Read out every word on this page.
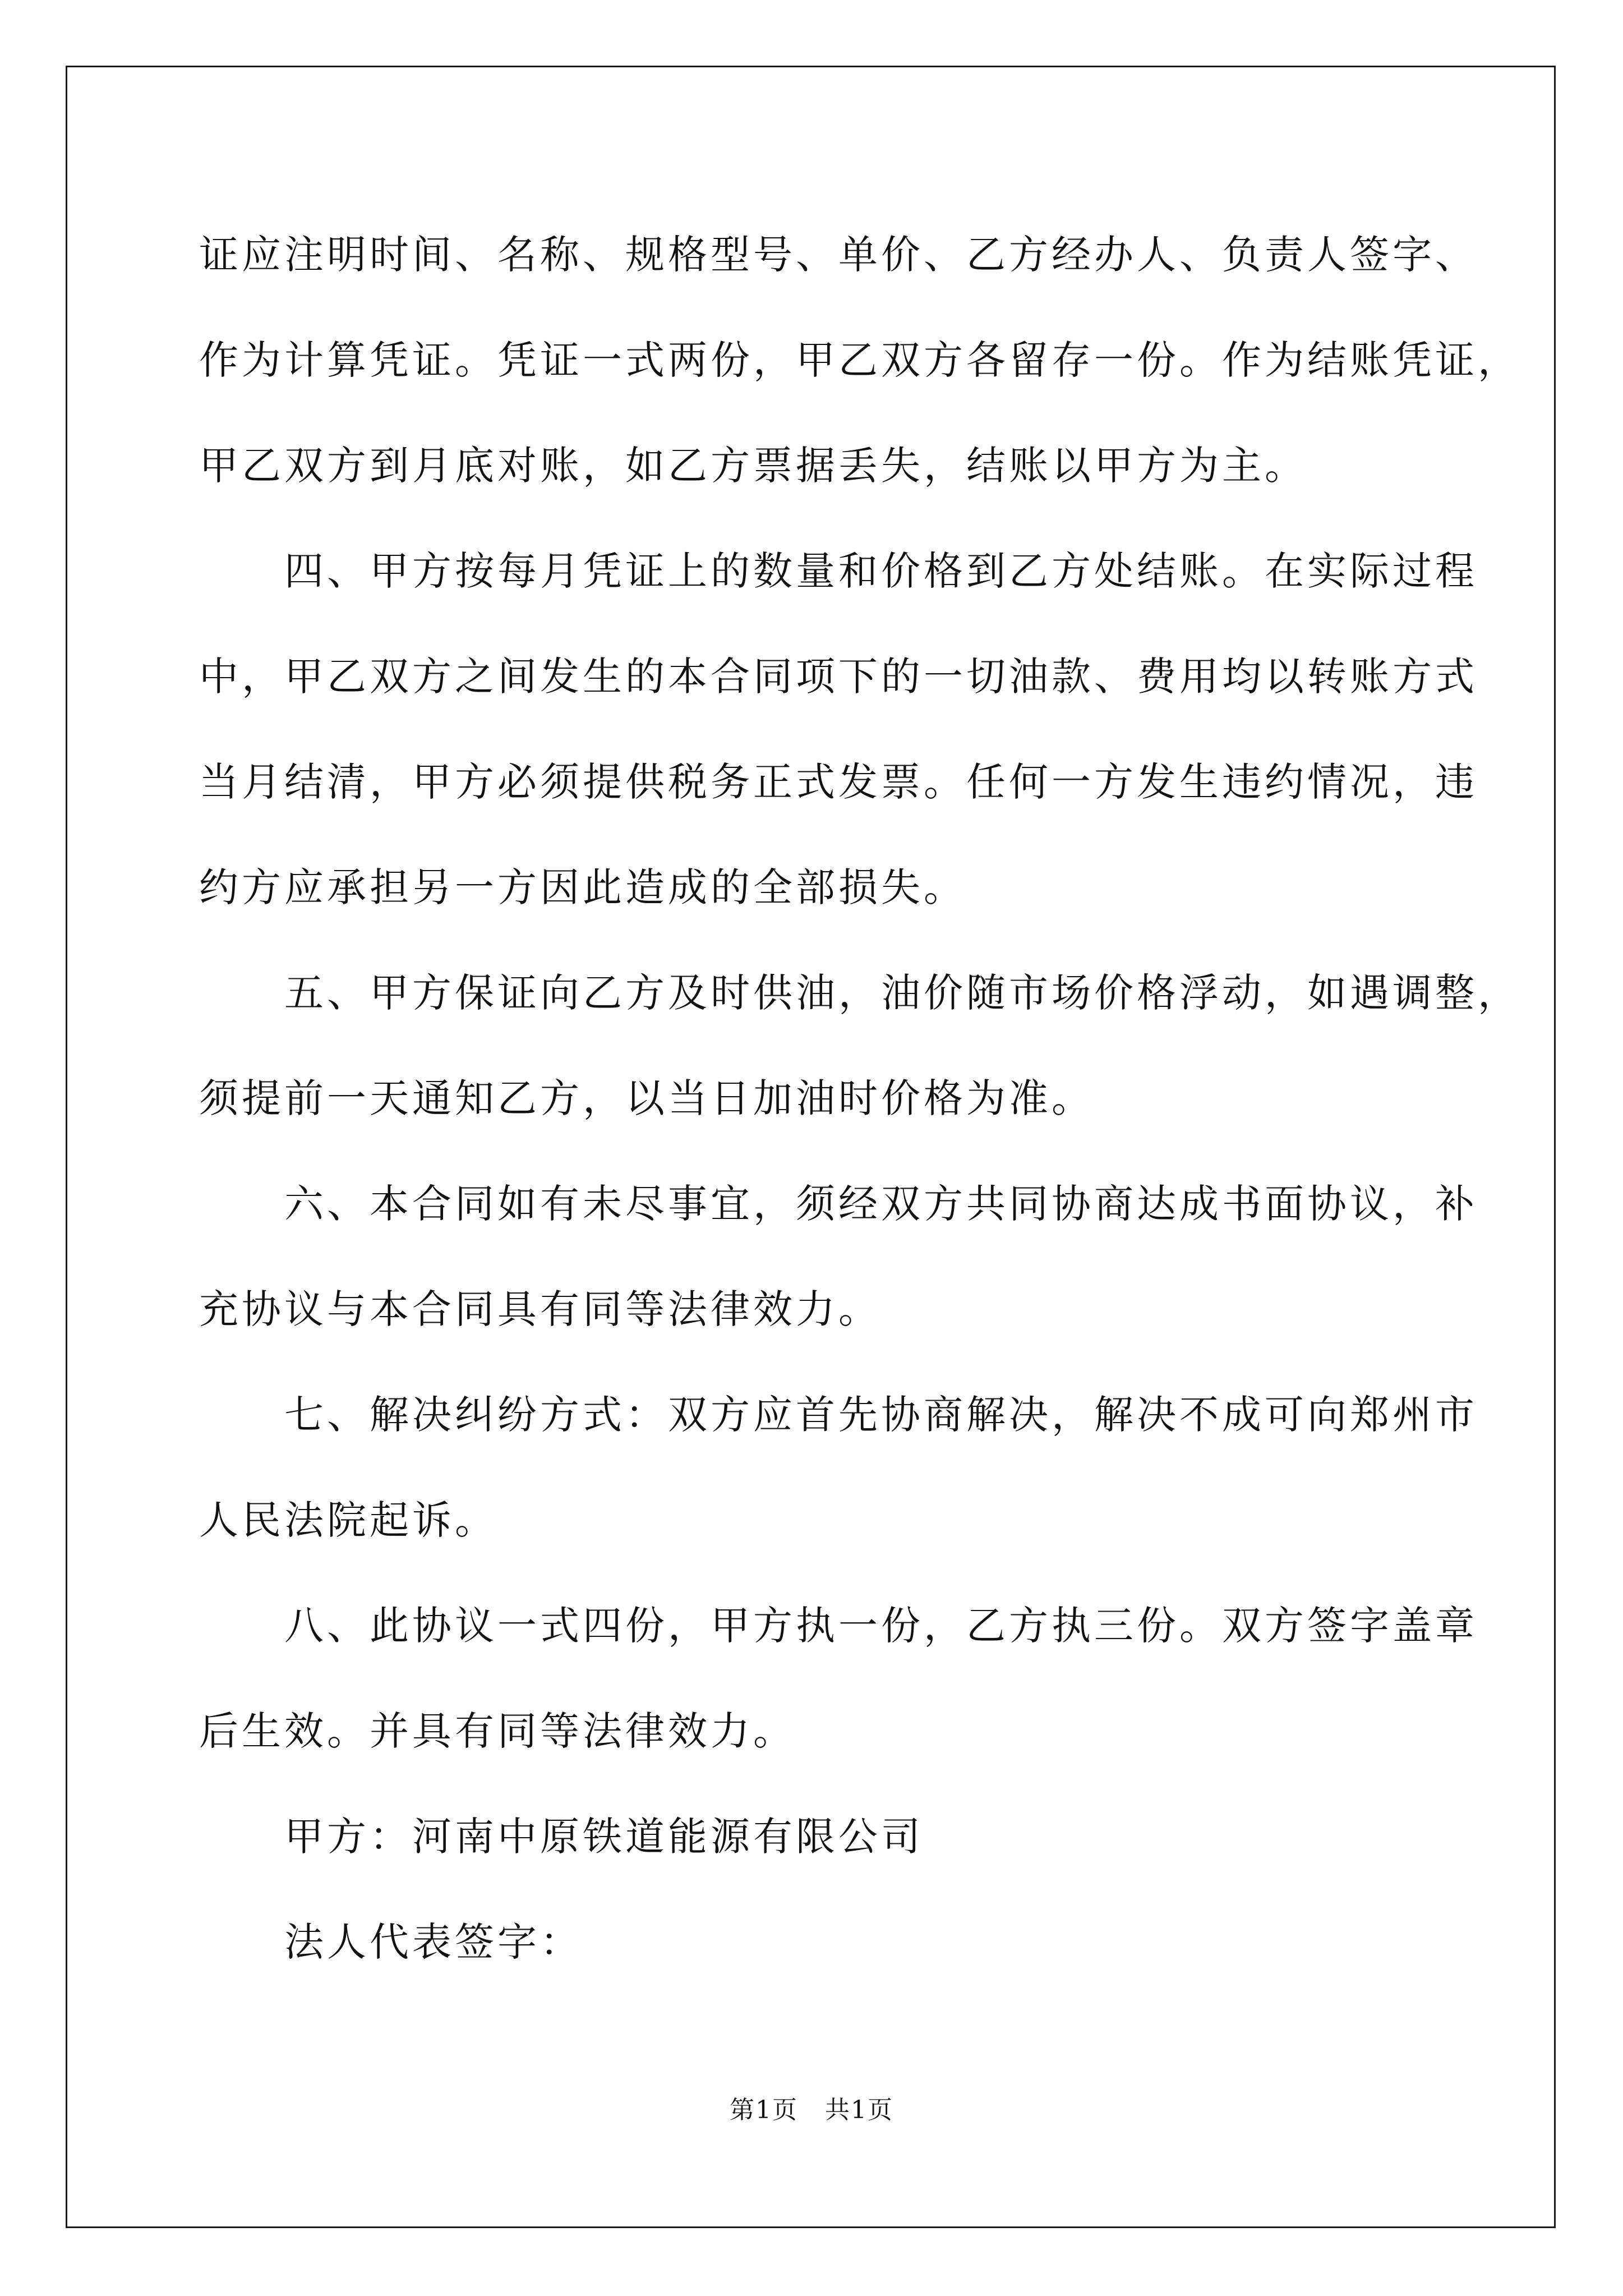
证应注明时间、名称、规格型号、单价、乙方经办人、负责人签字、
作为计算凭证。凭证一式两份，甲乙双方各留存一份。作为结账凭证，
甲乙双方到月底对账，如乙方票据丢失，结账以甲方为主。
　　四、甲方按每月凭证上的数量和价格到乙方处结账。在实际过程
中，甲乙双方之间发生的本合同项下的一切油款、费用均以转账方式
当月结清，甲方必须提供税务正式发票。任何一方发生违约情况，违
约方应承担另一方因此造成的全部损失。
　　五、甲方保证向乙方及时供油，油价随市场价格浮动，如遇调整，
须提前一天通知乙方，以当日加油时价格为准。
　　六、本合同如有未尽事宜，须经双方共同协商达成书面协议，补
充协议与本合同具有同等法律效力。
　　七、解决纠纷方式：双方应首先协商解决，解决不成可向郑州市
人民法院起诉。
　　八、此协议一式四份，甲方执一份，乙方执三份。双方签字盖章
后生效。并具有同等法律效力。
　　甲方：河南中原铁道能源有限公司
　　法人代表签字：
第1页 共1页
